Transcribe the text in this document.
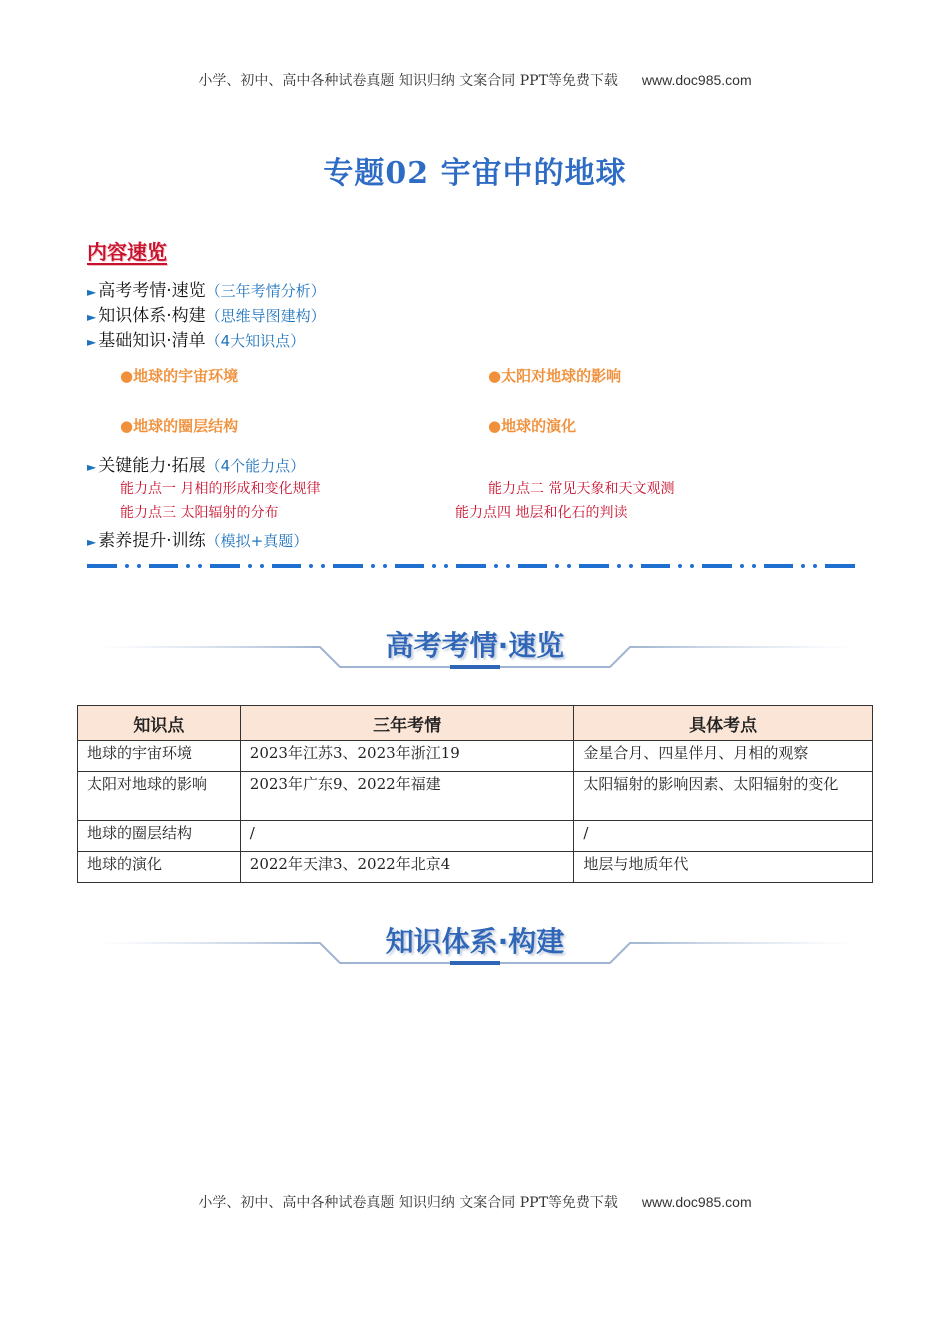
小学、初中、高中各种试卷真题 知识归纳 文案合同 PPT等免费下载 www.doc985.com
专题02 宇宙中的地球
内容速览
► 高考考情·速览（三年考情分析）
► 知识体系·构建（思维导图建构）
► 基础知识·清单（4大知识点）
●地球的宇宙环境	●太阳对地球的影响
●地球的圈层结构	●地球的演化
► 关键能力·拓展（4个能力点）
能力点一 月相的形成和变化规律	能力点二 常见天象和天文观测
能力点三 太阳辐射的分布	能力点四 地层和化石的判读
► 素养提升·训练（模拟+真题）
高考考情·速览
知识点	三年考情	具体考点
地球的宇宙环境	2023年江苏3、2023年浙江19	金星合月、四星伴月、月相的观察
太阳对地球的影响	2023年广东9、2022年福建	太阳辐射的影响因素、太阳辐射的变化
地球的圈层结构	/	/
地球的演化	2022年天津3、2022年北京4	地层与地质年代
知识体系·构建
小学、初中、高中各种试卷真题 知识归纳 文案合同 PPT等免费下载 www.doc985.com
